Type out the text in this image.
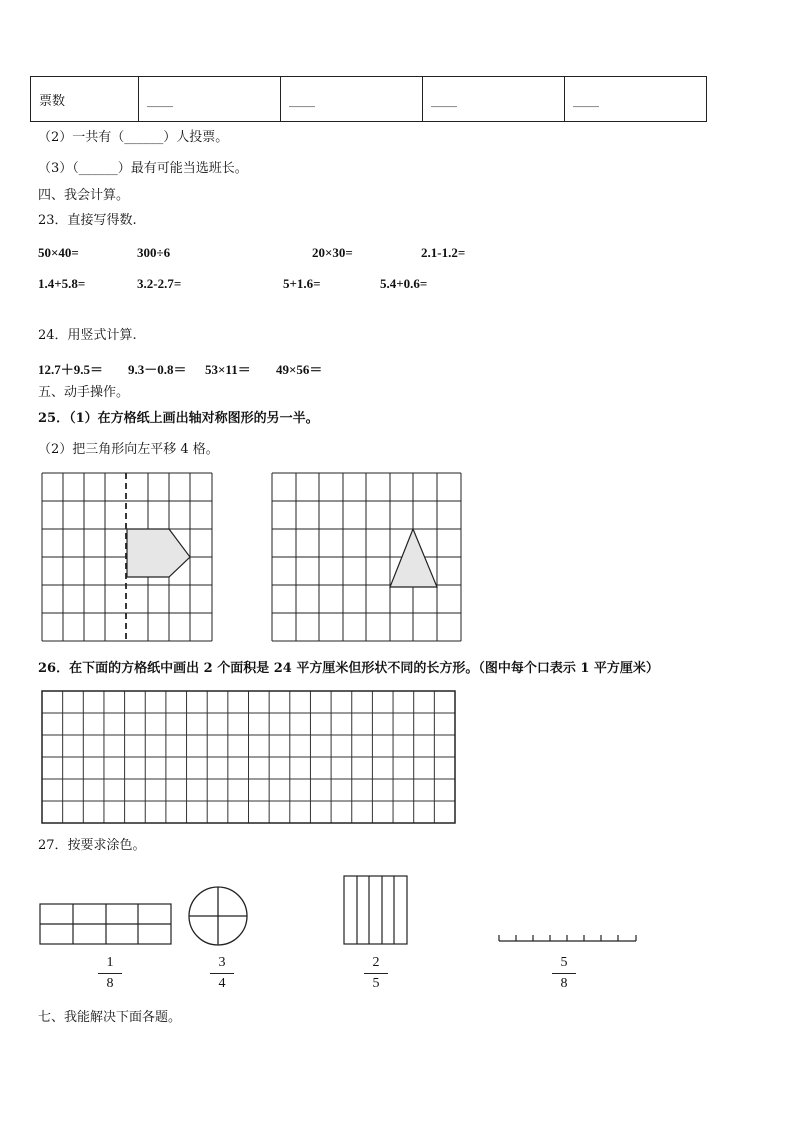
票数	____	____	____	____
（2）一共有（______）人投票。
（3）（______）最有可能当选班长。
四、我会计算。
23．直接写得数.
50×40=	300÷6	20×30=	2.1-1.2=
1.4+5.8=	3.2-2.7=	5+1.6=	5.4+0.6=
24．用竖式计算.
12.7＋9.5＝ 9.3－0.8＝ 53×11＝ 49×56＝
五、动手操作。
25．（1）在方格纸上画出轴对称图形的另一半。
（2）把三角形向左平移 4 格。
26．在下面的方格纸中画出 2 个面积是 24 平方厘米但形状不同的长方形。（图中每个口表示 1 平方厘米）
27．按要求涂色。
1
8
3
4
2
5
5
8
七、我能解决下面各题。
